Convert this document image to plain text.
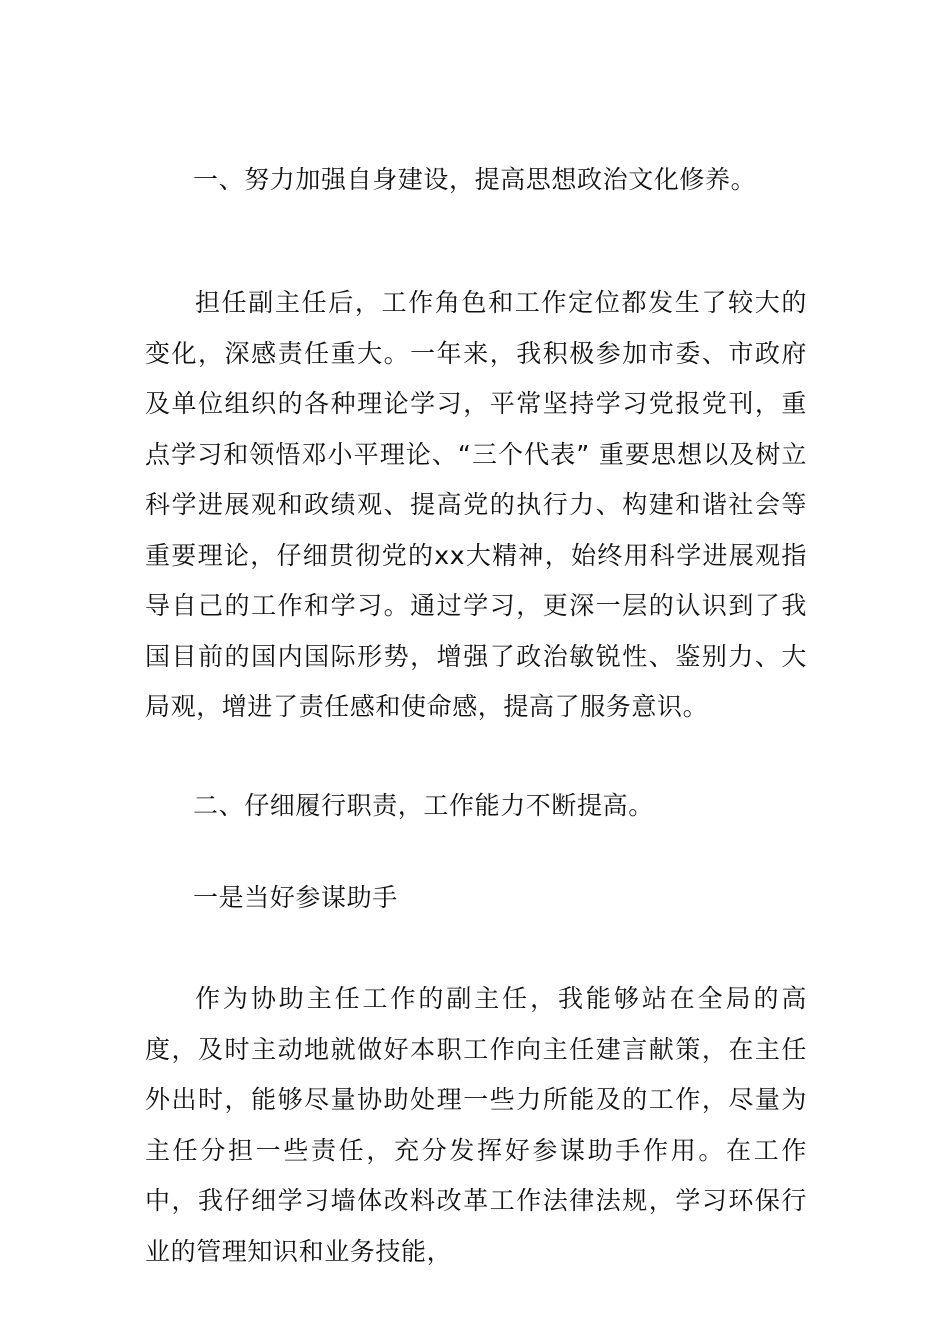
一、努力加强自身建设，提高思想政治文化修养。

担任副主任后，工作角色和工作定位都发生了较大的变化，深感责任重大。一年来，我积极参加市委、市政府及单位组织的各种理论学习，平常坚持学习党报党刊，重点学习和领悟邓小平理论、“三个代表” 重要思想以及树立科学进展观和政绩观、提高党的执行力、构建和谐社会等重要理论，仔细贯彻党的xx大精神，始终用科学进展观指导自己的工作和学习。通过学习，更深一层的认识到了我国目前的国内国际形势，增强了政治敏锐性、鉴别力、大局观，增进了责任感和使命感，提高了服务意识。

二、仔细履行职责，工作能力不断提高。
一是当好参谋助手

作为协助主任工作的副主任，我能够站在全局的高度，及时主动地就做好本职工作向主任建言献策，在主任外出时，能够尽量协助处理一些力所能及的工作，尽量为主任分担一些责任，充分发挥好参谋助手作用。在工作中，我仔细学习墙体改料改革工作法律法规，学习环保行业的管理知识和业务技能，
